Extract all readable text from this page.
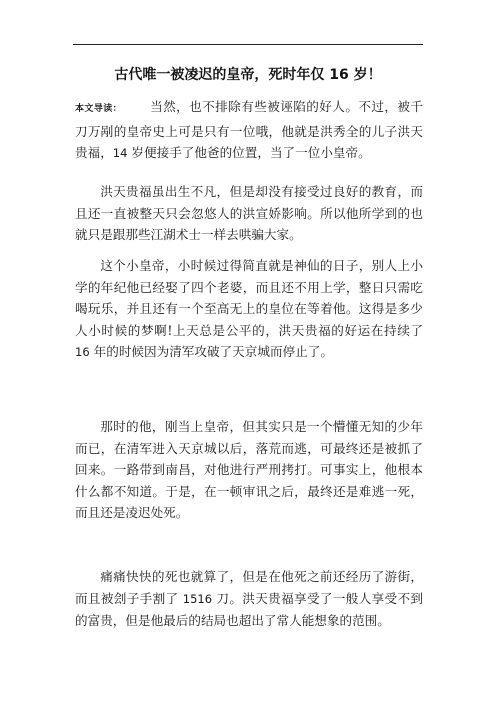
古代唯一被凌迟的皇帝，死时年仅 16 岁！

本文导读： 当然，也不排除有些被诬陷的好人。不过，被千刀万剐的皇帝史上可是只有一位哦，他就是洪秀全的儿子洪天贵福，14 岁便接手了他爸的位置，当了一位小皇帝。

洪天贵福虽出生不凡，但是却没有接受过良好的教育，而且还一直被整天只会忽悠人的洪宣娇影响。所以他所学到的也就只是跟那些江湖术士一样去哄骗大家。

这个小皇帝，小时候过得简直就是神仙的日子，别人上小学的年纪他已经娶了四个老婆，而且还不用上学，整日只需吃喝玩乐，并且还有一个至高无上的皇位在等着他。这得是多少人小时候的梦啊!上天总是公平的，洪天贵福的好运在持续了 16 年的时候因为清军攻破了天京城而停止了。

那时的他，刚当上皇帝，但其实只是一个懵懂无知的少年而已，在清军进入天京城以后，落荒而逃，可最终还是被抓了回来。一路带到南昌，对他进行严刑拷打。可事实上，他根本什么都不知道。于是，在一顿审讯之后，最终还是难逃一死，而且还是凌迟处死。

痛痛快快的死也就算了，但是在他死之前还经历了游街，而且被刽子手割了 1516 刀。洪天贵福享受了一般人享受不到的富贵，但是他最后的结局也超出了常人能想象的范围。
